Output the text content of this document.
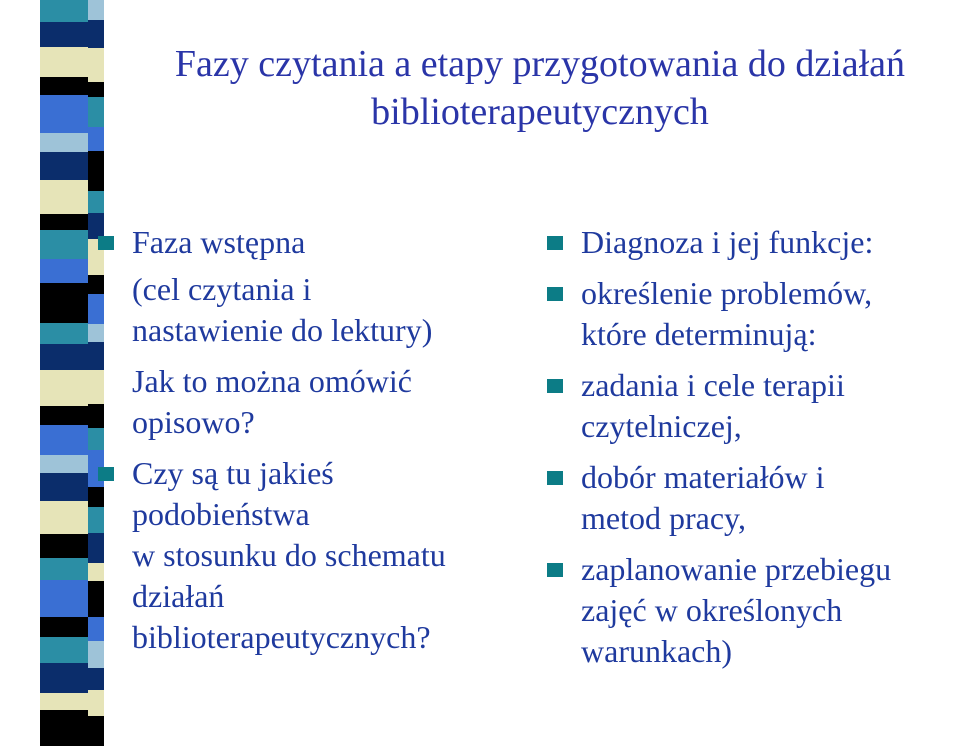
Fazy czytania a etapy przygotowania do działań biblioterapeutycznych
Faza wstępna
(cel czytania i
nastawienie do lektury)
Jak to można omówić
opisowo?
Czy są tu jakieś
podobieństwa
w stosunku do schematu
działań
biblioterapeutycznych?
Diagnoza i jej funkcje:
określenie problemów,
które determinują:
zadania i cele terapii
czytelniczej,
dobór materiałów i
metod pracy,
zaplanowanie przebiegu
zajęć w określonych
warunkach)
